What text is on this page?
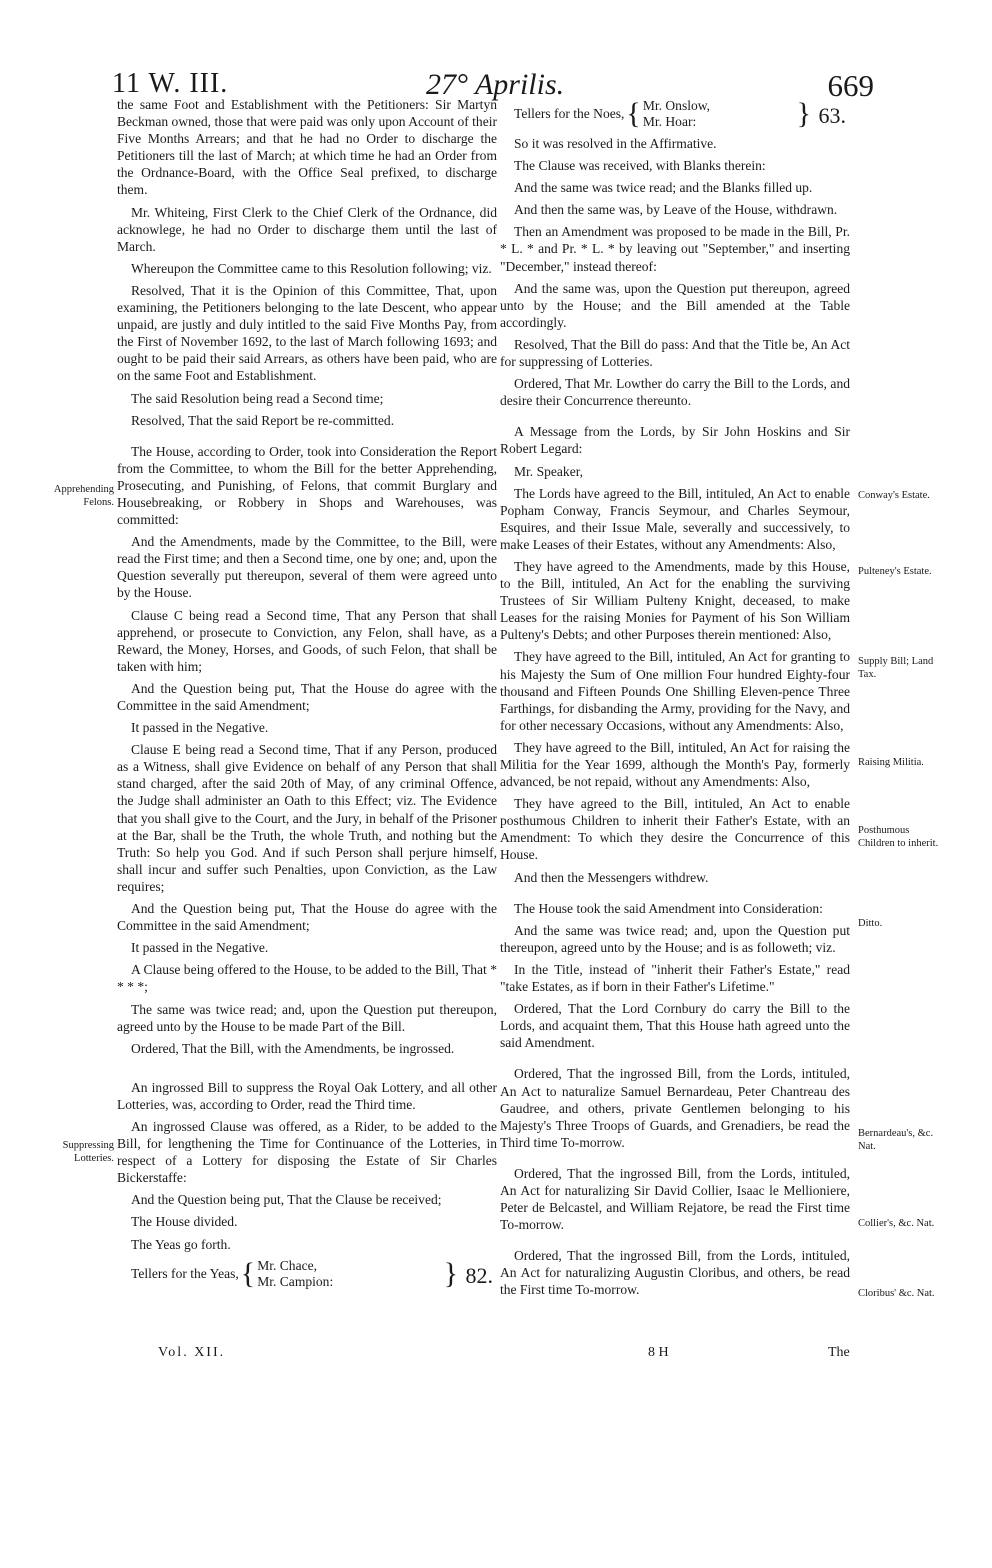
11 W. III.	27° Aprilis.	669

the same Foot and Establishment with the Petitioners: Sir Martyn Beckman owned, those that were paid was only upon Account of their Five Months Arrears; and that he had no Order to discharge the Petitioners till the last of March; at which time he had an Order from the Ordnance-Board, with the Office Seal prefixed, to discharge them.

Mr. Whiteing, First Clerk to the Chief Clerk of the Ordnance, did acknowlege, he had no Order to discharge them until the last of March.

Whereupon the Committee came to this Resolution following; viz.

Resolved, That it is the Opinion of this Committee, That, upon examining, the Petitioners belonging to the late Descent, who appear unpaid, are justly and duly intitled to the said Five Months Pay, from the First of November 1692, to the last of March following 1693; and ought to be paid their said Arrears, as others have been paid, who are on the same Foot and Establishment.

The said Resolution being read a Second time;

Resolved, That the said Report be re-committed.

The House, according to Order, took into Consideration the Report from the Committee, to whom the Bill for the better Apprehending, Prosecuting, and Punishing, of Felons, that commit Burglary and Housebreaking, or Robbery in Shops and Warehouses, was committed:

And the Amendments, made by the Committee, to the Bill, were read the First time; and then a Second time, one by one; and, upon the Question severally put thereupon, several of them were agreed unto by the House.

Clause C being read a Second time, That any Person that shall apprehend, or prosecute to Conviction, any Felon, shall have, as a Reward, the Money, Horses, and Goods, of such Felon, that shall be taken with him;

And the Question being put, That the House do agree with the Committee in the said Amendment;

It passed in the Negative.

Clause E being read a Second time, That if any Person, produced as a Witness, shall give Evidence on behalf of any Person that shall stand charged, after the said 20th of May, of any criminal Offence, the Judge shall administer an Oath to this Effect; viz. The Evidence that you shall give to the Court, and the Jury, in behalf of the Prisoner at the Bar, shall be the Truth, the whole Truth, and nothing but the Truth: So help you God. And if such Person shall perjure himself, shall incur and suffer such Penalties, upon Conviction, as the Law requires;

And the Question being put, That the House do agree with the Committee in the said Amendment;

It passed in the Negative.

A Clause being offered to the House, to be added to the Bill, That * * * *;

The same was twice read; and, upon the Question put thereupon, agreed unto by the House to be made Part of the Bill.

Ordered, That the Bill, with the Amendments, be ingrossed.

An ingrossed Bill to suppress the Royal Oak Lottery, and all other Lotteries, was, according to Order, read the Third time.

An ingrossed Clause was offered, as a Rider, to be added to the Bill, for lengthening the Time for Continuance of the Lotteries, in respect of a Lottery for disposing the Estate of Sir Charles Bickerstaffe:

And the Question being put, That the Clause be received;

The House divided.

The Yeas go forth.

Tellers for the Yeas, { Mr. Chace,
Mr. Campion:	} 82.
Tellers for the Noes, { Mr. Onslow,
Mr. Hoar:	} 63.

So it was resolved in the Affirmative.

The Clause was received, with Blanks therein:

And the same was twice read; and the Blanks filled up.

And then the same was, by Leave of the House, withdrawn.

Then an Amendment was proposed to be made in the Bill, Pr. * L. * and Pr. * L. * by leaving out "September," and inserting "December," instead thereof:

And the same was, upon the Question put thereupon, agreed unto by the House; and the Bill amended at the Table accordingly.

Resolved, That the Bill do pass: And that the Title be, An Act for suppressing of Lotteries.

Ordered, That Mr. Lowther do carry the Bill to the Lords, and desire their Concurrence thereunto.

A Message from the Lords, by Sir John Hoskins and Sir Robert Legard:

Mr. Speaker,

The Lords have agreed to the Bill, intituled, An Act to enable Popham Conway, Francis Seymour, and Charles Seymour, Esquires, and their Issue Male, severally and successively, to make Leases of their Estates, without any Amendments: Also,

They have agreed to the Amendments, made by this House, to the Bill, intituled, An Act for the enabling the surviving Trustees of Sir William Pulteny Knight, deceased, to make Leases for the raising Monies for Payment of his Son William Pulteny's Debts; and other Purposes therein mentioned: Also,

They have agreed to the Bill, intituled, An Act for granting to his Majesty the Sum of One million Four hundred Eighty-four thousand and Fifteen Pounds One Shilling Eleven-pence Three Farthings, for disbanding the Army, providing for the Navy, and for other necessary Occasions, without any Amendments: Also,

They have agreed to the Bill, intituled, An Act for raising the Militia for the Year 1699, although the Month's Pay, formerly advanced, be not repaid, without any Amendments: Also,

They have agreed to the Bill, intituled, An Act to enable posthumous Children to inherit their Father's Estate, with an Amendment: To which they desire the Concurrence of this House.

And then the Messengers withdrew.

The House took the said Amendment into Consideration:

And the same was twice read; and, upon the Question put thereupon, agreed unto by the House; and is as followeth; viz.

In the Title, instead of "inherit their Father's Estate," read "take Estates, as if born in their Father's Lifetime."

Ordered, That the Lord Cornbury do carry the Bill to the Lords, and acquaint them, That this House hath agreed unto the said Amendment.

Ordered, That the ingrossed Bill, from the Lords, intituled, An Act to naturalize Samuel Bernardeau, Peter Chantreau des Gaudree, and others, private Gentlemen belonging to his Majesty's Three Troops of Guards, and Grenadiers, be read the Third time To-morrow.

Ordered, That the ingrossed Bill, from the Lords, intituled, An Act for naturalizing Sir David Collier, Isaac le Mellioniere, Peter de Belcastel, and William Rejatore, be read the First time To-morrow.

Ordered, That the ingrossed Bill, from the Lords, intituled, An Act for naturalizing Augustin Cloribus, and others, be read the First time To-morrow.

Apprehending Felons.
Suppressing Lotteries.
Conway's Estate.
Pulteney's Estate.
Supply Bill; Land Tax.
Raising Militia.
Posthumous Children to inherit.
Ditto.
Bernardeau's, &c. Nat.
Collier's, &c. Nat.
Cloribus' &c. Nat.
Vol. XII.	8 H	The
